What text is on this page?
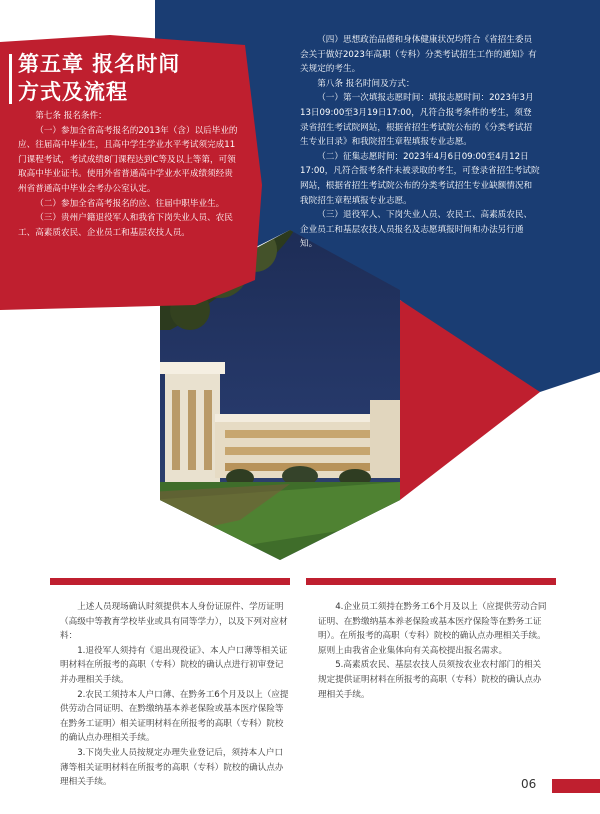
第五章 报名时间
方式及流程

第七条 报名条件：

（一）参加全省高考报名的2013年（含）以后毕业的应、往届高中毕业生，且高中学生学业水平考试须完成11门课程考试，考试成绩8门课程达到C等及以上等第，可领取高中毕业证书。使用外省普通高中学业水平成绩须经贵州省普通高中毕业会考办公室认定。

（二）参加全省高考报名的应、往届中职毕业生。

（三）贵州户籍退役军人和我省下岗失业人员、农民工、高素质农民、企业员工和基层农技人员。

（四）思想政治品德和身体健康状况均符合《省招生委员会关于做好2023年高职（专科）分类考试招生工作的通知》有关规定的考生。

第八条 报名时间及方式：

（一）第一次填报志愿时间：填报志愿时间：2023年3月13日09:00至3月19日17:00，凡符合报考条件的考生，须登录省招生考试院网站，根据省招生考试院公布的《分类考试招生专业目录》和我院招生章程填报专业志愿。

（二）征集志愿时间：2023年4月6日09:00至4月12日17:00，凡符合报考条件未被录取的考生，可登录省招生考试院网站，根据省招生考试院公布的分类考试招生专业缺额情况和我院招生章程填报专业志愿。

（三）退役军人、下岗失业人员、农民工、高素质农民、企业员工和基层农技人员报名及志愿填报时间和办法另行通知。

上述人员现场确认时须提供本人身份证原件、学历证明（高级中等教育学校毕业或具有同等学力），以及下列对应材料：

1.退役军人须持有《退出现役证》、本人户口薄等相关证明材料在所报考的高职（专科）院校的确认点进行初审登记并办理相关手续。

2.农民工须持本人户口薄、在黔务工6个月及以上（应提供劳动合同证明、在黔缴纳基本养老保险或基本医疗保险等在黔务工证明）相关证明材料在所报考的高职（专科）院校的确认点办理相关手续。

3.下岗失业人员按规定办理失业登记后，须持本人户口薄等相关证明材料在所报考的高职（专科）院校的确认点办理相关手续。

4.企业员工须持在黔务工6个月及以上（应提供劳动合同证明、在黔缴纳基本养老保险或基本医疗保险等在黔务工证明）。在所报考的高职（专科）院校的确认点办理相关手续。原则上由我省企业集体向有关高校提出报名需求。

5.高素质农民、基层农技人员须按农业农村部门的相关规定提供证明材料在所报考的高职（专科）院校的确认点办理相关手续。

06
